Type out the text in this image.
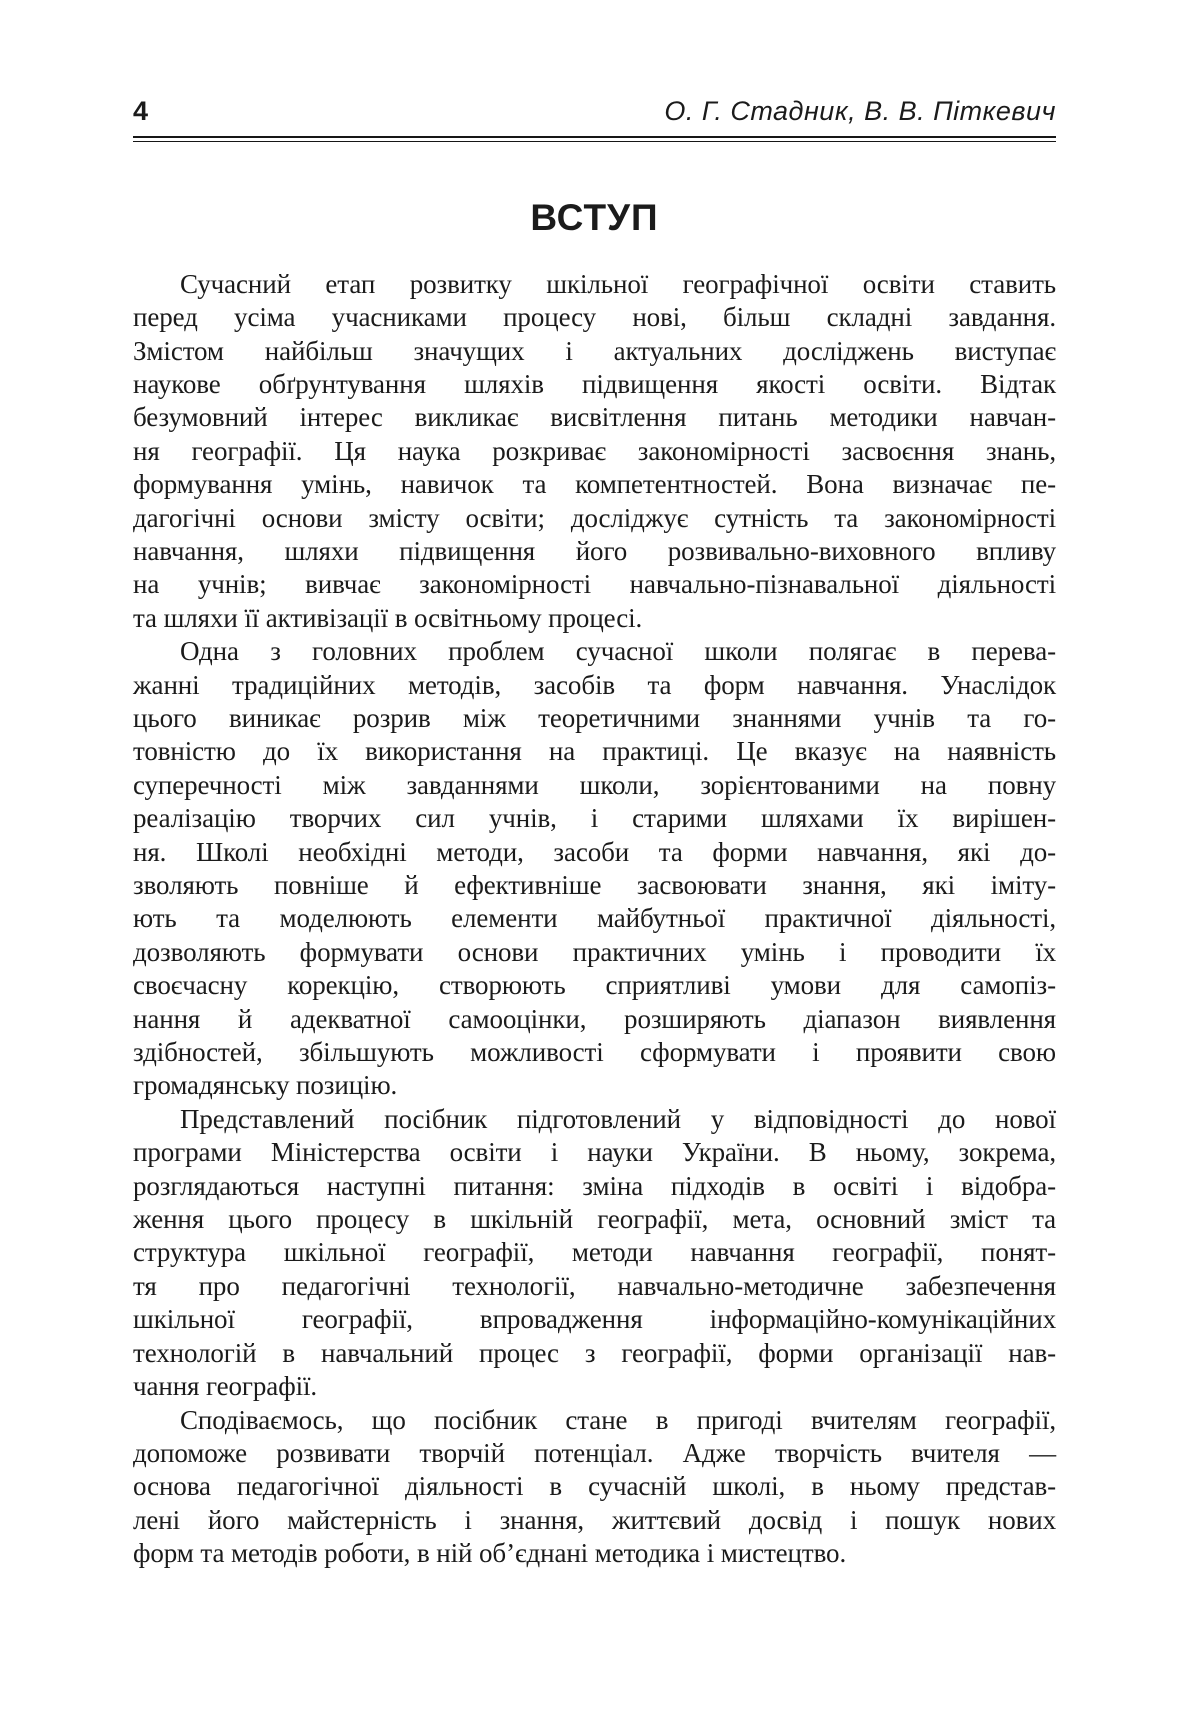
4	О. Г. Стадник, В. В. Піткевич
ВСТУП
Сучасний етап розвитку шкільної географічної освіти ставить
перед усіма учасниками процесу нові, більш складні завдання.
Змістом найбільш значущих і актуальних досліджень виступає
наукове обґрунтування шляхів підвищення якості освіти. Відтак
безумовний інтерес викликає висвітлення питань методики навчан-
ня географії. Ця наука розкриває закономірності засвоєння знань,
формування умінь, навичок та компетентностей. Вона визначає пе-
дагогічні основи змісту освіти; досліджує сутність та закономірності
навчання, шляхи підвищення його розвивально-виховного впливу
на учнів; вивчає закономірності навчально-пізнавальної діяльності
та шляхи її активізації в освітньому процесі.
Одна з головних проблем сучасної школи полягає в перева-
жанні традиційних методів, засобів та форм навчання. Унаслідок
цього виникає розрив між теоретичними знаннями учнів та го-
товністю до їх використання на практиці. Це вказує на наявність
суперечності між завданнями школи, зорієнтованими на повну
реалізацію творчих сил учнів, і старими шляхами їх вирішен-
ня. Школі необхідні методи, засоби та форми навчання, які до-
зволяють повніше й ефективніше засвоювати знання, які іміту-
ють та моделюють елементи майбутньої практичної діяльності,
дозволяють формувати основи практичних умінь і проводити їх
своєчасну корекцію, створюють сприятливі умови для самопіз-
нання й адекватної самооцінки, розширяють діапазон виявлення
здібностей, збільшують можливості сформувати і проявити свою
громадянську позицію.
Представлений посібник підготовлений у відповідності до нової
програми Міністерства освіти і науки України. В ньому, зокрема,
розглядаються наступні питання: зміна підходів в освіті і відобра-
ження цього процесу в шкільній географії, мета, основний зміст та
структура шкільної географії, методи навчання географії, понят-
тя про педагогічні технології, навчально-методичне забезпечення
шкільної географії, впровадження інформаційно-комунікаційних
технологій в навчальний процес з географії, форми організації нав-
чання географії.
Сподіваємось, що посібник стане в пригоді вчителям географії,
допоможе розвивати творчій потенціал. Адже творчість вчителя —
основа педагогічної діяльності в сучасній школі, в ньому представ-
лені його майстерність і знання, життєвий досвід і пошук нових
форм та методів роботи, в ній об’єднані методика і мистецтво.
